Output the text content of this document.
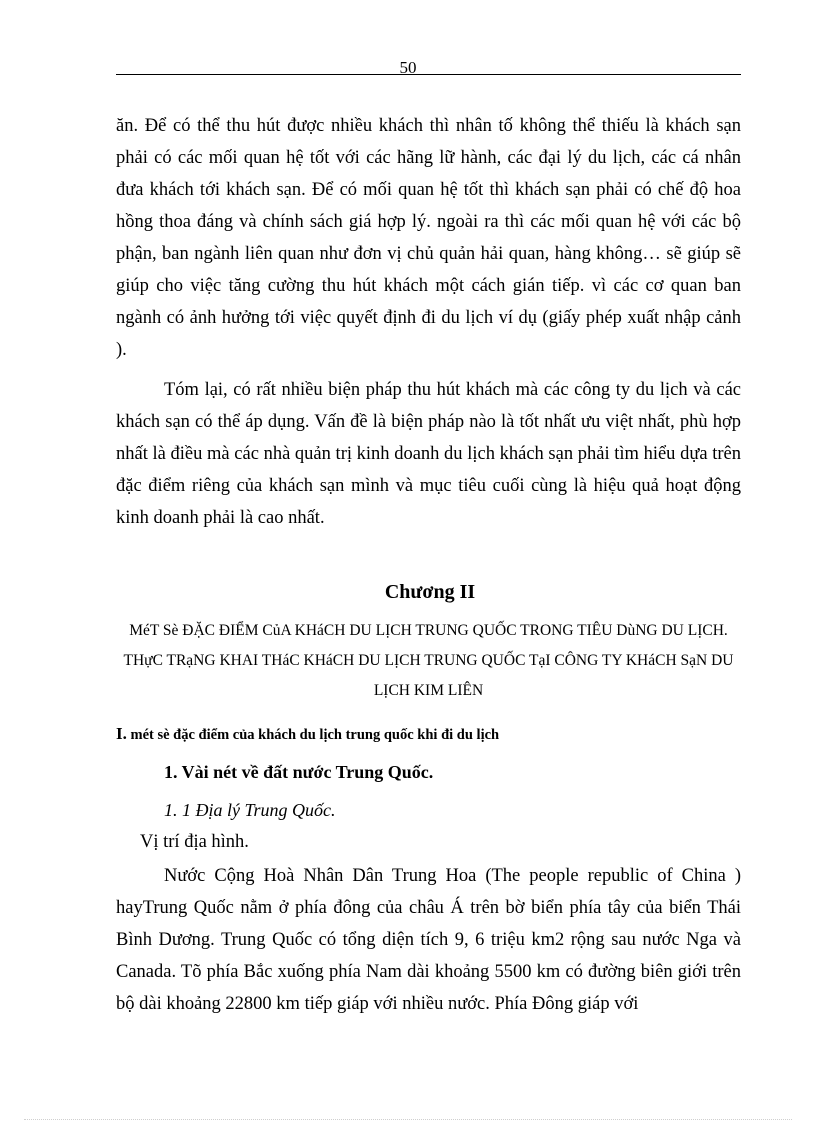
50

ăn. Để có thể thu hút được nhiều khách thì nhân tố không thể thiếu là khách sạn phải có các mối quan hệ tốt với các hãng lữ hành, các đại lý du lịch, các cá nhân đưa khách tới khách sạn. Để có mối quan hệ tốt thì khách sạn phải có chế độ hoa hồng thoa đáng và chính sách giá hợp lý. ngoài ra thì các mối quan hệ với các bộ phận, ban ngành liên quan như đơn vị chủ quản hải quan, hàng không… sẽ giúp sẽ giúp cho việc tăng cường thu hút khách một cách gián tiếp. vì các cơ quan ban ngành có ảnh hưởng tới việc quyết định đi du lịch ví dụ (giấy phép xuất nhập cảnh ).

Tóm lại, có rất nhiều biện pháp thu hút khách mà các công ty du lịch và các khách sạn có thể áp dụng. Vấn đề là biện pháp nào là tốt nhất ưu việt nhất, phù hợp nhất là điều mà các nhà quản trị kinh doanh du lịch khách sạn phải tìm hiểu dựa trên đặc điểm riêng của khách sạn mình và mục tiêu cuối cùng là hiệu quả hoạt động kinh doanh phải là cao nhất.

Chương II

MéT Sè ĐẶC ĐIỂM CủA KHáCH DU LỊCH TRUNG QUỐC TRONG TIÊU DùNG DU LỊCH. THựC TRạNG KHAI THáC KHáCH DU LỊCH TRUNG QUỐC TạI CÔNG TY KHáCH SạN DU LỊCH KIM LIÊN

I. mét sè đặc điểm của khách du lịch trung quốc khi đi du lịch
1. Vài nét về đất nước Trung Quốc.
1. 1 Địa lý Trung Quốc.
Vị trí địa hình.

Nước Cộng Hoà Nhân Dân Trung Hoa (The people republic of China ) hayTrung Quốc nằm ở phía đông của châu Á trên bờ biển phía tây của biển Thái Bình Dương. Trung Quốc có tổng diện tích 9, 6 triệu km2 rộng sau nước Nga và Canada. Tõ phía Bắc xuống phía Nam dài khoảng 5500 km có đường biên giới trên bộ dài khoảng 22800 km tiếp giáp với nhiều nước. Phía Đông giáp với
